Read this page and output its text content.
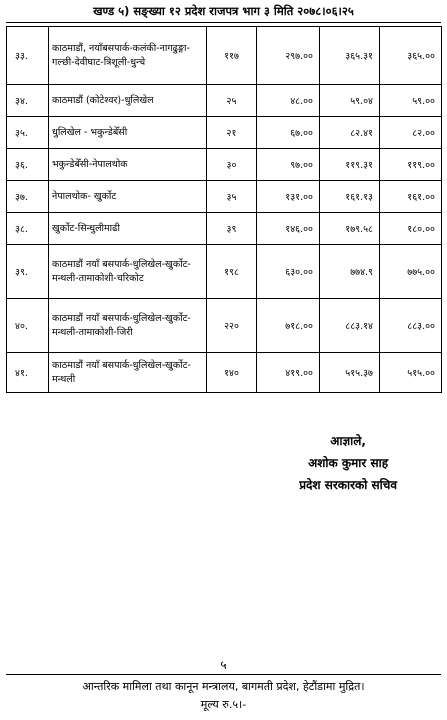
खण्ड ५) सङ्ख्या १२ प्रदेश राजपत्र भाग ३ मिति २०७८।०६।२५
३३.	काठमाडौं, नयाँबसपार्क-कलंकी-नागढुङ्गा-गल्छी-देवीघाट-त्रिशूली-धुन्चे	११७	२९७.००	३६५.३१	३६५.००
३४.	काठमाडौं (कोटेश्वर)-धुलिखेल	२५	४८.००	५९.०४	५९.००
३५.	धुलिखेल - भकुन्डेबेँसी	२१	६७.००	८२.४१	८२.००
३६.	भकुन्डेबेँसी-नेपालथोक	३०	९७.००	११९.३१	११९.००
३७.	नेपालथोक- खुर्कोट	३५	१३१.००	१६१.१३	१६१.००
३८.	खुर्कोट-सिन्धुलीमाढी	३९	१४६.००	१७९.५८	१८०.००
३९.	काठमाडौं नयाँ बसपार्क-धुलिखेल-खुर्कोट-मन्थली-तामाकोशी-चरिकोट	१९८	६३०.००	७७४.९	७७५.००
४०.	काठमाडौं नयाँ बसपार्क-धुलिखेल-खुर्कोट-मन्थली-तामाकोशी-जिरी	२२०	७१८.००	८८३.१४	८८३.००
४१.	काठमाडौं नयाँ बसपार्क-धुलिखेल-खुर्कोट-मन्थली	१४०	४१९.००	५१५.३७	५१५.००
आज्ञाले,
अशोक कुमार साह
प्रदेश सरकारको सचिव
५
आन्तरिक मामिला तथा कानून मन्त्रालय, बागमती प्रदेश, हेटौंडामा मुद्रित।
मूल्य रु.५।-
